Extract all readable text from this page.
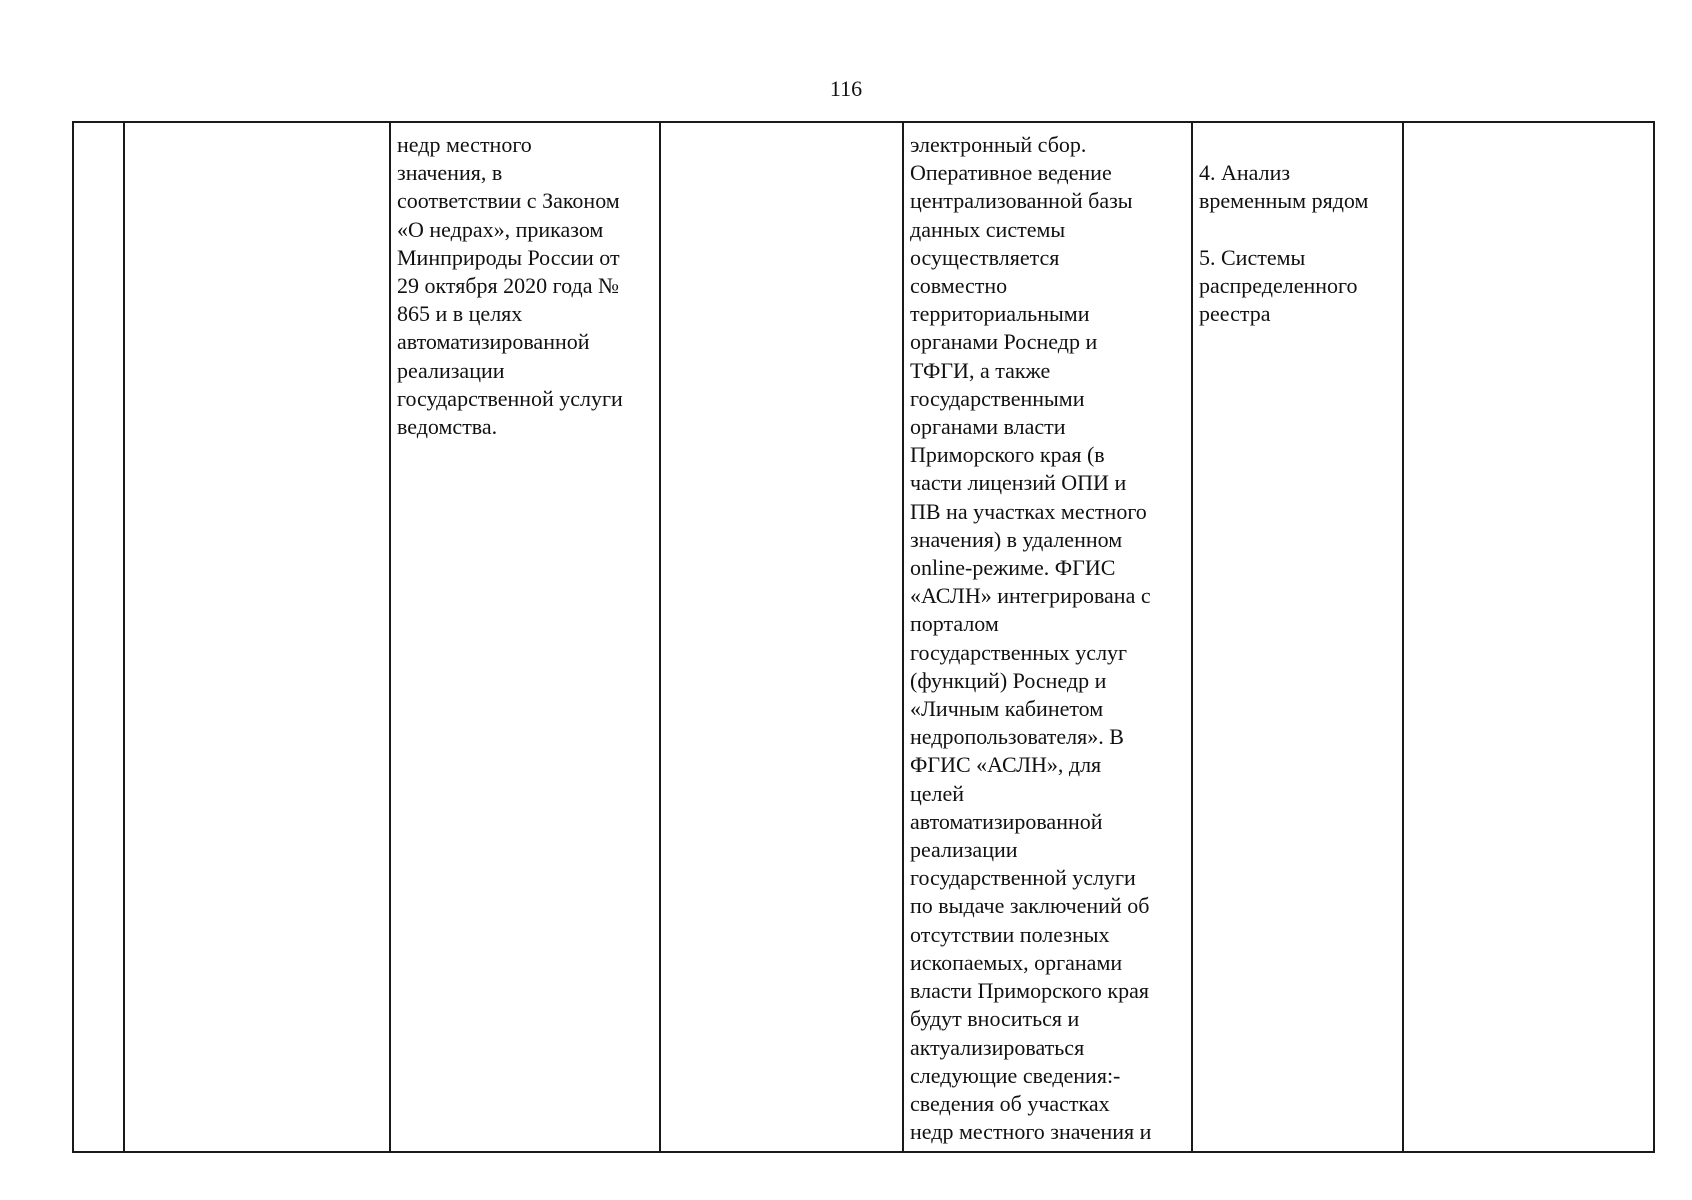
116

недр местного
значения, в
соответствии с Законом
«О недрах», приказом
Минприроды России от
29 октября 2020 года №
865 и в целях
автоматизированной
реализации
государственной услуги
ведомства.

электронный сбор.
Оперативное ведение
централизованной базы
данных системы
осуществляется
совместно
территориальными
органами Роснедр и
ТФГИ, а также
государственными
органами власти
Приморского края (в
части лицензий ОПИ и
ПВ на участках местного
значения) в удаленном
online-режиме. ФГИС
«АСЛН» интегрирована с
порталом
государственных услуг
(функций) Роснедр и
«Личным кабинетом
недропользователя». В
ФГИС «АСЛН», для
целей
автоматизированной
реализации
государственной услуги
по выдаче заключений об
отсутствии полезных
ископаемых, органами
власти Приморского края
будут вноситься и
актуализироваться
следующие сведения:-
сведения об участках
недр местного значения и

4. Анализ
временным рядом
5. Системы
распределенного
реестра
